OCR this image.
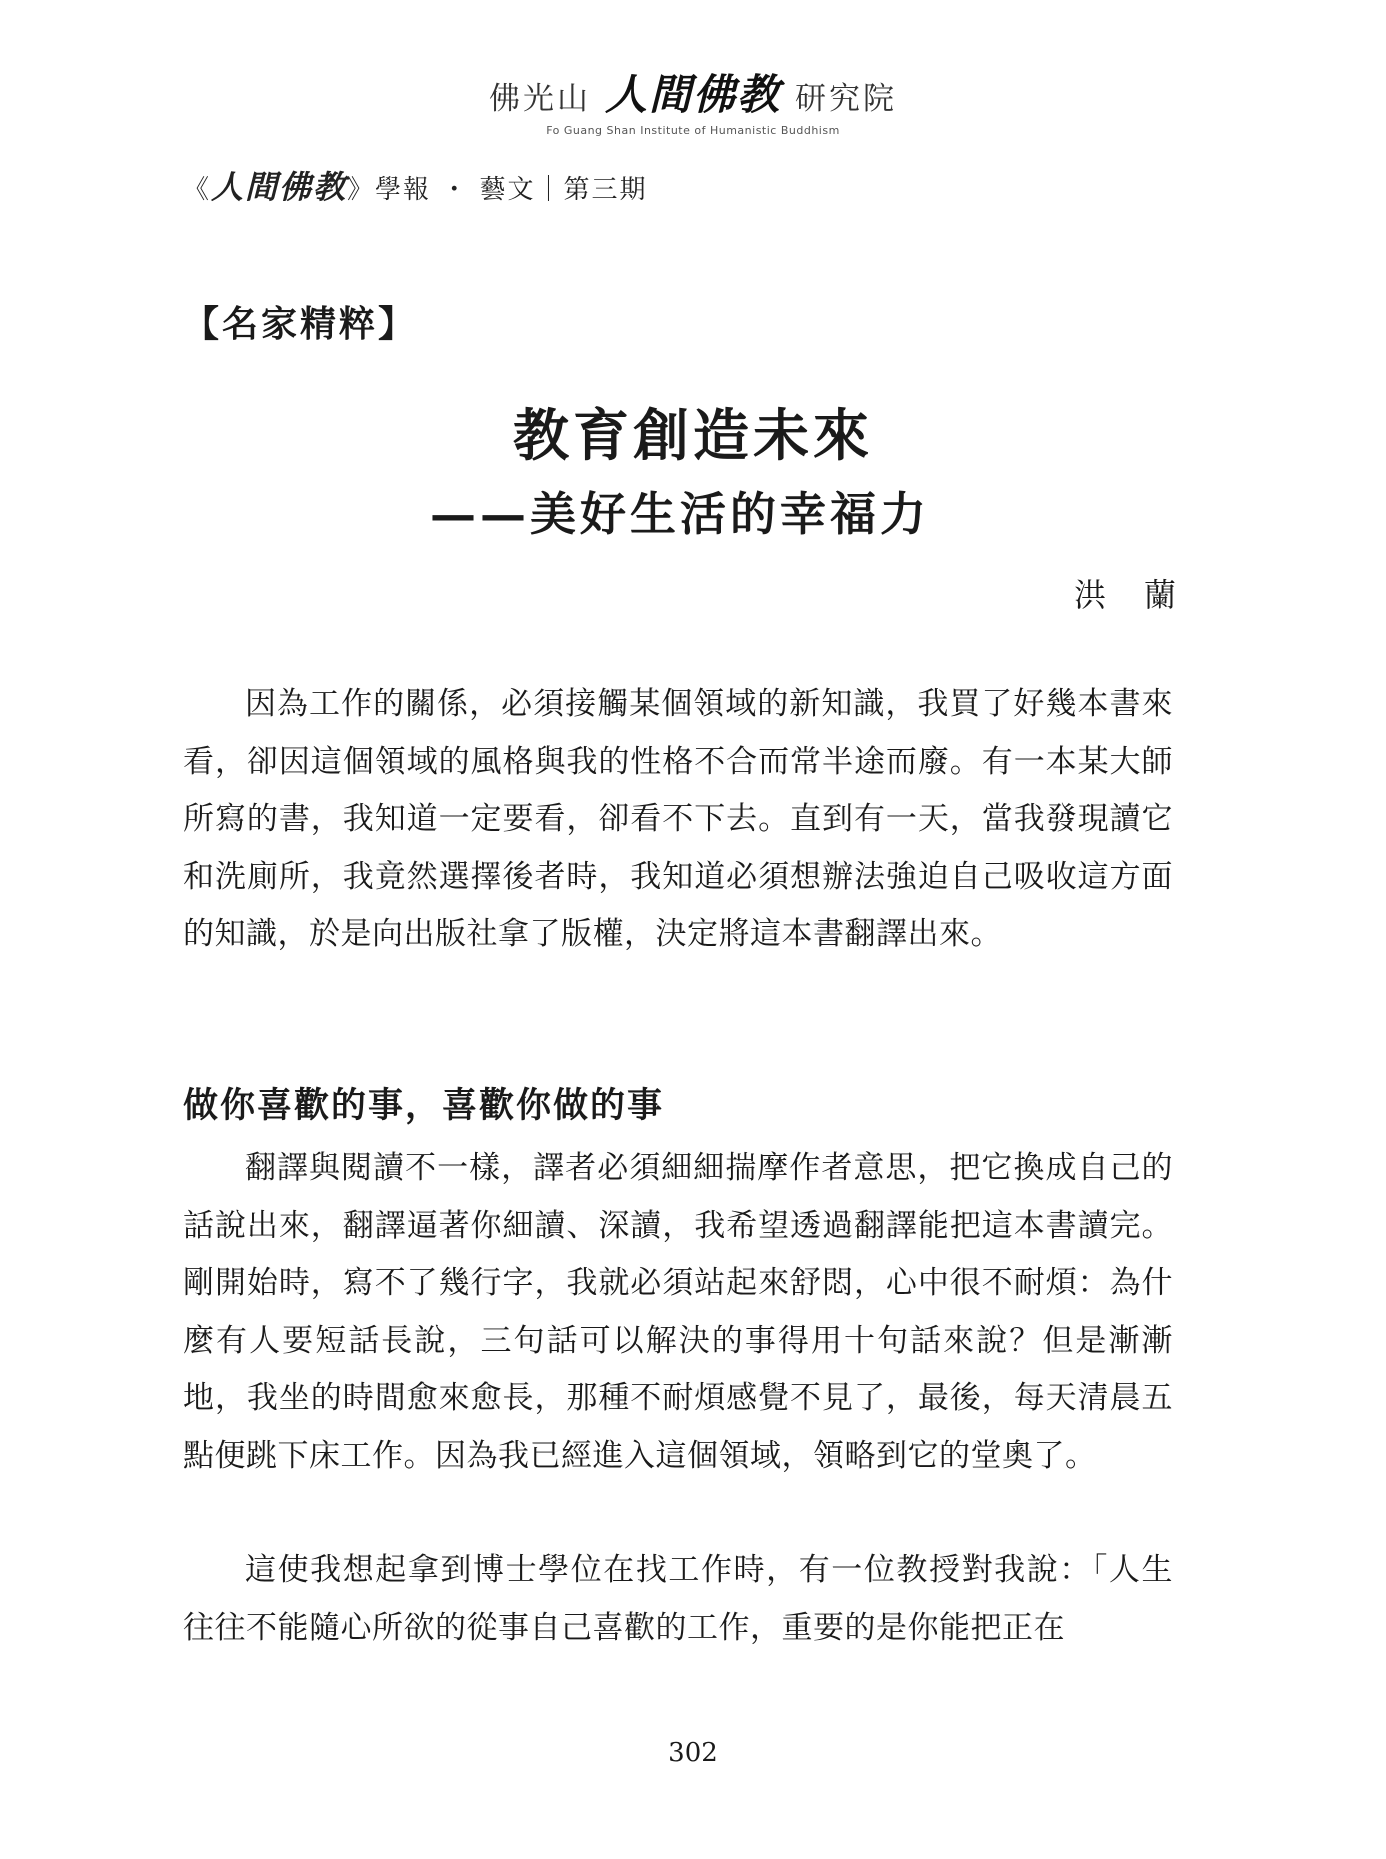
佛光山 人間佛教 研究院
Fo Guang Shan Institute of Humanistic Buddhism
《人間佛教》學報 ・ 藝文｜第三期
【名家精粹】
教育創造未來
——美好生活的幸福力
洪蘭

因為工作的關係，必須接觸某個領域的新知識，我買了好幾本書來看，卻因這個領域的風格與我的性格不合而常半途而廢。有一本某大師所寫的書，我知道一定要看，卻看不下去。直到有一天，當我發現讀它和洗廁所，我竟然選擇後者時，我知道必須想辦法強迫自己吸收這方面的知識，於是向出版社拿了版權，決定將這本書翻譯出來。

做你喜歡的事，喜歡你做的事

翻譯與閱讀不一樣，譯者必須細細揣摩作者意思，把它換成自己的話說出來，翻譯逼著你細讀、深讀，我希望透過翻譯能把這本書讀完。剛開始時，寫不了幾行字，我就必須站起來舒悶，心中很不耐煩：為什麼有人要短話長說，三句話可以解決的事得用十句話來說？但是漸漸地，我坐的時間愈來愈長，那種不耐煩感覺不見了，最後，每天清晨五點便跳下床工作。因為我已經進入這個領域，領略到它的堂奧了。

這使我想起拿到博士學位在找工作時，有一位教授對我說：「人生往往不能隨心所欲的從事自己喜歡的工作，重要的是你能把正在

302
